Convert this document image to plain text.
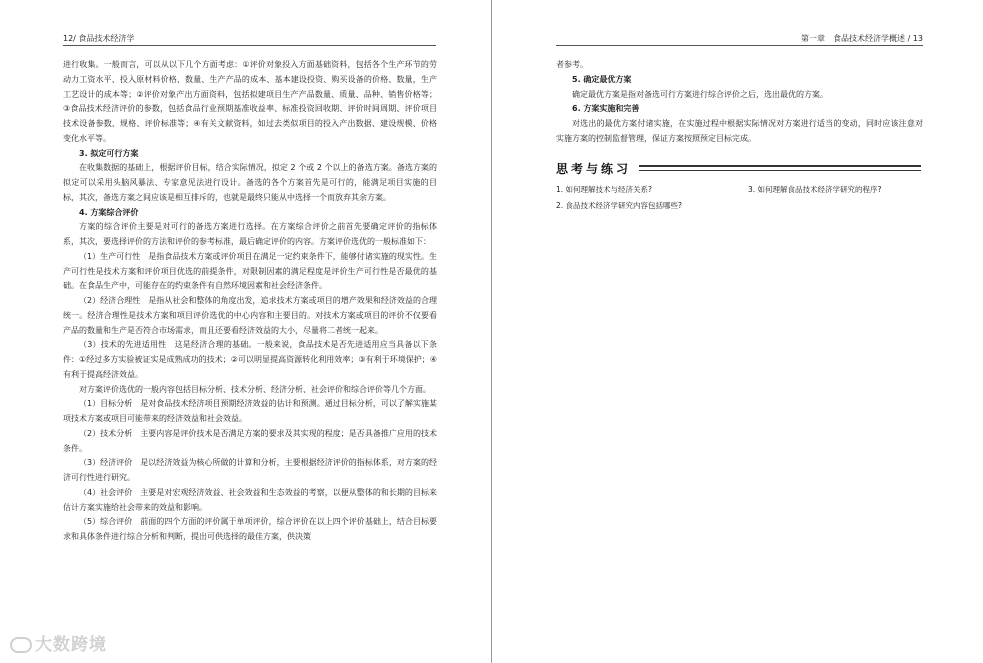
12/ 食品技术经济学

进行收集。一般而言，可以从以下几个方面考虑：①评价对象投入方面基础资料，包括各个生产环节的劳动力工资水平、投入原材料价格、数量、生产产品的成本、基本建设投资、购买设备的价格、数量，生产工艺设计的成本等；②评价对象产出方面资料，包括拟建项目生产产品数量、质量、品种、销售价格等；③食品技术经济评价的参数，包括食品行业预期基准收益率、标准投资回收期、评价时间周期、评价项目技术设备参数、规格、评价标准等；④有关文献资料，如过去类似项目的投入产出数据、建设规模、价格变化水平等。

3. 拟定可行方案

在收集数据的基础上，根据评价目标，结合实际情况，拟定 2 个或 2 个以上的备选方案。备选方案的拟定可以采用头脑风暴法、专家意见法进行设计。备选的各个方案首先是可行的，能满足项目实施的目标，其次，备选方案之间应该是相互排斥的，也就是最终只能从中选择一个而放弃其余方案。

4. 方案综合评价

方案的综合评价主要是对可行的备选方案进行选择。在方案综合评价之前首先要确定评价的指标体系，其次，要选择评价的方法和评价的参考标准，最后确定评价的内容。方案评价选优的一般标准如下：

（1）生产可行性　是指食品技术方案或评价项目在满足一定约束条件下，能够付诸实施的现实性。生产可行性是技术方案和评价项目优选的前提条件，对限制因素的满足程度是评价生产可行性是否最优的基础。在食品生产中，可能存在的约束条件有自然环境因素和社会经济条件。

（2）经济合理性　是指从社会和整体的角度出发，追求技术方案或项目的增产效果和经济效益的合理统一。经济合理性是技术方案和项目评价选优的中心内容和主要目的。对技术方案或项目的评价不仅要看产品的数量和生产是否符合市场需求，而且还要看经济效益的大小，尽量将二者统一起来。

（3）技术的先进适用性　这是经济合理的基础。一般来说，食品技术是否先进适用应当具备以下条件：①经过多方实验被证实是成熟成功的技术；②可以明显提高资源转化利用效率；③有利于环境保护；④有利于提高经济效益。

对方案评价选优的一般内容包括目标分析、技术分析、经济分析、社会评价和综合评价等几个方面。

（1）目标分析　是对食品技术经济项目预期经济效益的估计和预测。通过目标分析，可以了解实施某项技术方案或项目可能带来的经济效益和社会效益。

（2）技术分析　主要内容是评价技术是否满足方案的要求及其实现的程度；是否具备推广应用的技术条件。

（3）经济评价　是以经济效益为核心所做的计算和分析，主要根据经济评价的指标体系，对方案的经济可行性进行研究。

（4）社会评价　主要是对宏观经济效益、社会效益和生态效益的考察，以便从整体的和长期的目标来估计方案实施给社会带来的效益和影响。

（5）综合评价　前面的四个方面的评价属于单项评价，综合评价在以上四个评价基础上，结合目标要求和具体条件进行综合分析和判断，提出可供选择的最佳方案，供决策

第一章　食品技术经济学概述 / 13

者参考。

5. 确定最优方案

确定最优方案是指对备选可行方案进行综合评价之后，选出最优的方案。

6. 方案实施和完善

对选出的最优方案付诸实施，在实施过程中根据实际情况对方案进行适当的变动，同时应该注意对实施方案的控制监督管理，保证方案按照预定目标完成。

思考与练习
1. 如何理解技术与经济关系?	3. 如何理解食品技术经济学研究的程序?
2. 食品技术经济学研究内容包括哪些?
大数跨境
